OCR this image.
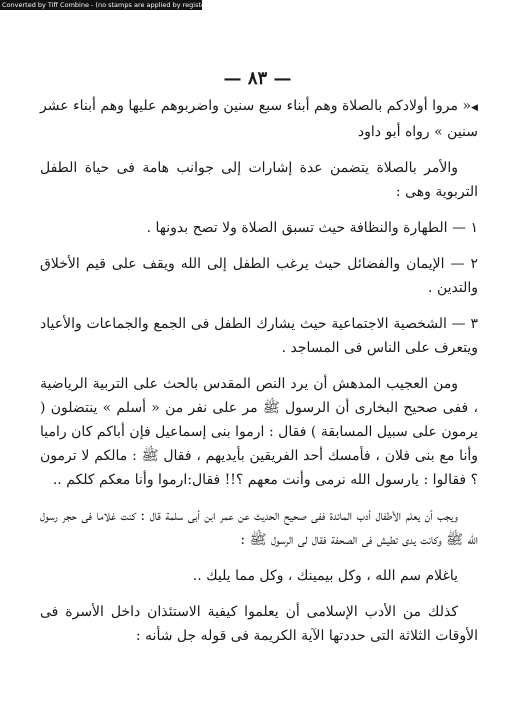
Converted by Tiff Combine - (no stamps are applied by registered version)
— ٨٣ —

◀ « مروا أولادكم بالصلاة وهم أبناء سبع سنين واضربوهم عليها وهم أبناء عشر سنين » رواه أبو داود

والأمر بالصلاة يتضمن عدة إشارات إلى جوانب هامة فى حياة الطفل التربوية وهى :

١ — الطهارة والنظافة حيث تسبق الصلاة ولا تصح بدونها .

٢ — الإيمان والفضائل حيث يرغب الطفل إلى الله ويقف على قيم الأخلاق والتدين .

٣ — الشخصية الاجتماعية حيث يشارك الطفل فى الجمع والجماعات والأعياد ويتعرف على الناس فى المساجد .

ومن العجيب المدهش أن يرد النص المقدس بالحث على التربية الرياضية ، ففى صحيح البخارى أن الرسول ﷺ مر على نفر من « أسلم » ينتضلون ( يرمون على سبيل المسابقة ) فقال : ارموا بنى إسماعيل فإن أباكم كان راميا وأنا مع بنى فلان ، فأمسك أحد الفريقين بأيديهم ، فقال ﷺ : مالكم لا ترمون ؟ فقالوا : يارسول الله نرمى وأنت معهم ؟!! فقال:ارموا وأنا معكم كلكم ..

ويجب أن يعلم الأطفال أدب المائدة ففى صحيح الحديث عن عمر ابن أبى سلمة قال : كنت غلاما فى حجر رسول الله ﷺ وكانت يدى تطيش فى الصحفة فقال لى الرسول ﷺ :

ياغلام سم الله ، وكل بيمينك ، وكل مما يليك ..

كذلك من الأدب الإسلامى أن يعلموا كيفية الاستئذان داخل الأسرة فى الأوقات الثلاثة التى حددتها الآية الكريمة فى قوله جل شأنه :
